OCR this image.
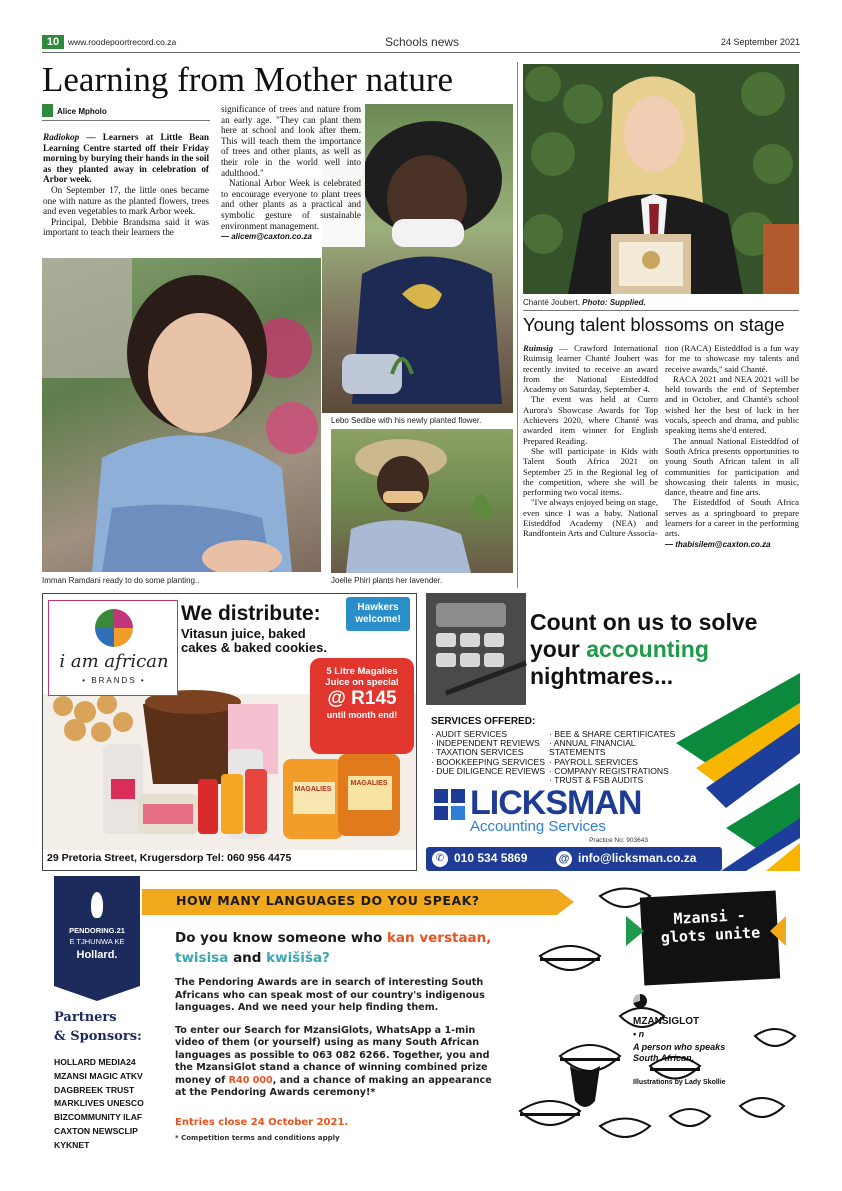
10	www.roodepoortrecord.co.za	Schools news	24 September 2021
Learning from Mother nature
Alice Mpholo

Radiokop — Learners at Little Bean Learning Centre started off their Friday morning by burying their hands in the soil as they planted away in celebration of Arbor week.

On September 17, the little ones became one with nature as the planted flowers, trees and even vegetables to mark Arbor week.

Principal, Debbie Brandsma said it was important to teach their learners the

significance of trees and nature from an early age. "They can plant them here at school and look after them. This will teach them the importance of trees and other plants, as well as their role in the world well into adulthood."

National Arbor Week is celebrated to encourage everyone to plant trees and other plants as a practical and symbolic gesture of sustainable environment management.

— alicem@caxton.co.za

Lebo Sedibe with his newly planted flower.
Imman Ramdani ready to do some planting..	Joelle Phiri plants her lavender.
Chanté Joubert. Photo: Supplied.
Young talent blossoms on stage

Ruimsig — Crawford International Ruimsig learner Chanté Joubert was recently invited to receive an award from the National Eisteddfod Academy on Saturday, September 4.

The event was held at Curro Aurora's Showcase Awards for Top Achievers 2020, where Chanté was awarded item winner for English Prepared Reading.

She will participate in Kids with Talent South Africa 2021 on September 25 in the Regional leg of the competition, where she will be performing two vocal items.

"I've always enjoyed being on stage, even since I was a baby. National Eisteddfod Academy (NEA) and Randfontein Arts and Culture Associa-

tion (RACA) Eisteddfod is a fun way for me to showcase my talents and receive awards," said Chanté.

RACA 2021 and NEA 2021 will be held towards the end of September and in October, and Chanté's school wished her the best of luck in her vocals, speech and drama, and public speaking items she'd entered.

The annual National Eisteddfod of South Africa presents opportunities to young South African talent in all communities for participation and showcasing their talents in music, dance, theatre and fine arts.

The Eisteddfod of South Africa serves as a springboard to prepare learners for a career in the performing arts.

— thabisilem@caxton.co.za

i am african
• BRANDS •
We distribute:
Vitasun juice, baked cakes & baked cookies.
Hawkers welcome!
5 Litre Magalies Juice on special
@ R145
until month end!
MAGALIES
MAGALIES
29 Pretoria Street, Krugersdorp Tel: 060 956 4475
Count on us to solve
your accounting
nightmares...
SERVICES OFFERED:
· AUDIT SERVICES
· INDEPENDENT REVIEWS
· TAXATION SERVICES
· BOOKKEEPING SERVICES
· DUE DILIGENCE REVIEWS
· BEE & SHARE CERTIFICATES
· ANNUAL FINANCIAL STATEMENTS
· PAYROLL SERVICES
· COMPANY REGISTRATIONS
· TRUST & FSB AUDITS
LICKSMAN
Accounting Services
Practice No: 903643
✆ 010 534 5869	@ info@licksman.co.za
PENDORING.21
E TJHUNWA KE
Hollard.
Partners
& Sponsors:
HOLLARD MEDIA24
MZANSI MAGIC ATKV
DAGBREEK TRUST
MARKLIVES UNESCO
BIZCOMMUNITY ILAF
CAXTON NEWSCLIP
KYKNET
HOW MANY LANGUAGES DO YOU SPEAK?
Do you know someone who kan verstaan,
twisisa and kwišiša?

The Pendoring Awards are in search of interesting South Africans who can speak most of our country's indigenous languages. And we need your help finding them.

To enter our Search for MzansiGlots, WhatsApp a 1-min video of them (or yourself) using as many South African languages as possible to 063 082 6266. Together, you and the MzansiGlot stand a chance of winning combined prize money of R40 000, and a chance of making an appearance at the Pendoring Awards ceremony!*

Entries close 24 October 2021.
* Competition terms and conditions apply
Mzansi -glots unite
MZANSIGLOT
• n
A person who speaks South African.
Illustrations by Lady Skollie
